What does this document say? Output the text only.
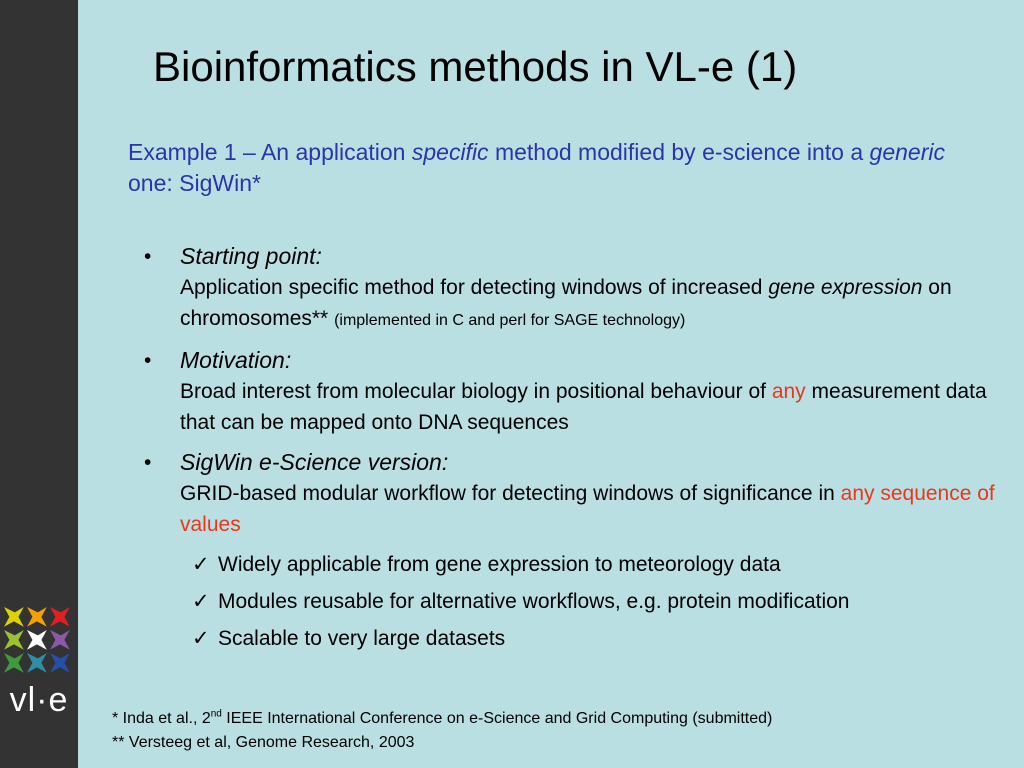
vl·e
Bioinformatics methods in VL-e (1)
Example 1 – An application specific method modified by e-science into a generic one: SigWin*
• Starting point:
Application specific method for detecting windows of increased gene expression on chromosomes** (implemented in C and perl for SAGE technology)
• Motivation:
Broad interest from molecular biology in positional behaviour of any measurement data that can be mapped onto DNA sequences
• SigWin e-Science version:
GRID-based modular workflow for detecting windows of significance in any sequence of values
✓ Widely applicable from gene expression to meteorology data
✓ Modules reusable for alternative workflows, e.g. protein modification
✓ Scalable to very large datasets
* Inda et al., 2nd IEEE International Conference on e-Science and Grid Computing (submitted)
** Versteeg et al, Genome Research, 2003
